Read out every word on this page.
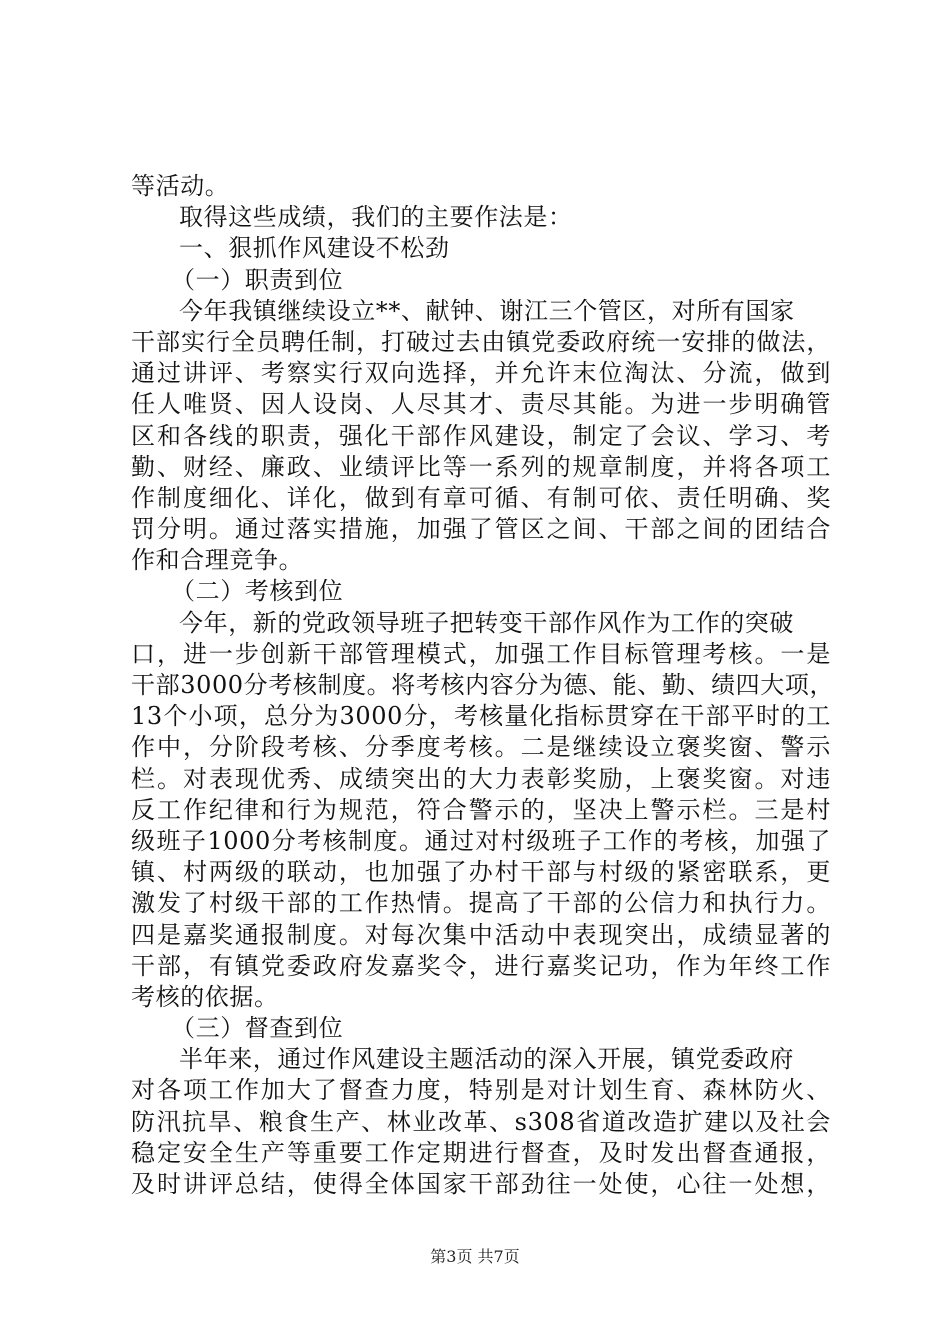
等活动。
取得这些成绩，我们的主要作法是：
一、狠抓作风建设不松劲
（一）职责到位
今年我镇继续设立**、献钟、谢江三个管区，对所有国家
干部实行全员聘任制，打破过去由镇党委政府统一安排的做法，
通过讲评、考察实行双向选择，并允许末位淘汰、分流，做到
任人唯贤、因人设岗、人尽其才、责尽其能。为进一步明确管
区和各线的职责，强化干部作风建设，制定了会议、学习、考
勤、财经、廉政、业绩评比等一系列的规章制度，并将各项工
作制度细化、详化，做到有章可循、有制可依、责任明确、奖
罚分明。通过落实措施，加强了管区之间、干部之间的团结合
作和合理竞争。
（二）考核到位
今年，新的党政领导班子把转变干部作风作为工作的突破
口，进一步创新干部管理模式，加强工作目标管理考核。一是
干部3000分考核制度。将考核内容分为德、能、勤、绩四大项，
13个小项，总分为3000分，考核量化指标贯穿在干部平时的工
作中，分阶段考核、分季度考核。二是继续设立褒奖窗、警示
栏。对表现优秀、成绩突出的大力表彰奖励，上褒奖窗。对违
反工作纪律和行为规范，符合警示的，坚决上警示栏。三是村
级班子1000分考核制度。通过对村级班子工作的考核，加强了
镇、村两级的联动，也加强了办村干部与村级的紧密联系，更
激发了村级干部的工作热情。提高了干部的公信力和执行力。
四是嘉奖通报制度。对每次集中活动中表现突出，成绩显著的
干部，有镇党委政府发嘉奖令，进行嘉奖记功，作为年终工作
考核的依据。
（三）督查到位
半年来，通过作风建设主题活动的深入开展，镇党委政府
对各项工作加大了督查力度，特别是对计划生育、森林防火、
防汛抗旱、粮食生产、林业改革、s308省道改造扩建以及社会
稳定安全生产等重要工作定期进行督查，及时发出督查通报，
及时讲评总结，使得全体国家干部劲往一处使，心往一处想，
第3页 共7页
